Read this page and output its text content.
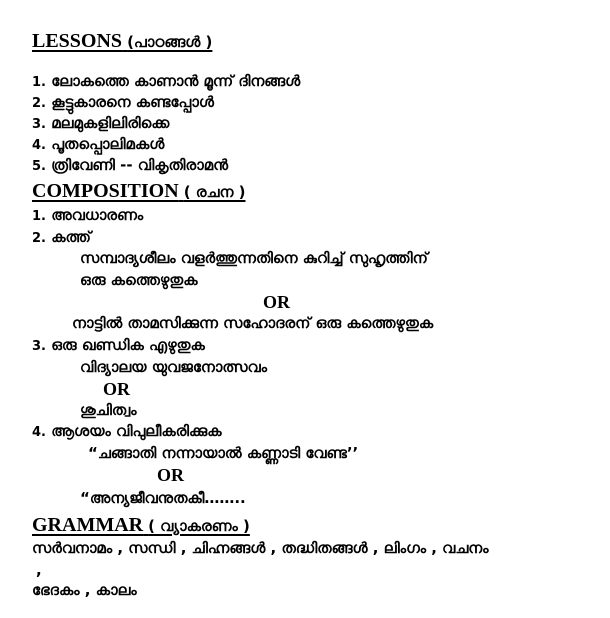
LESSONS (പാഠങ്ങൾ )
1. ലോകത്തെ കാണാൻ മൂന്ന് ദിനങ്ങൾ
2. കൂട്ടുകാരനെ കണ്ടപ്പോൾ
3. മലമുകളിലിരിക്കെ
4. പൂതപ്പൊലിമകൾ
5. ത്രിവേണി -- വികൃതിരാമൻ
COMPOSITION ( രചന )
1. അവധാരണം
2. കത്ത്
സമ്പാദ്യശീലം വളർത്തുന്നതിനെ കുറിച്ച് സുഹൃത്തിന്
ഒരു കത്തെഴുതുക
OR
നാട്ടിൽ താമസിക്കുന്ന സഹോദരന് ഒരു കത്തെഴുതുക
3. ഒരു ഖണ്ഡിക എഴുതുക
വിദ്യാലയ യുവജനോത്സവം
OR
ശുചിത്വം
4. ആശയം വിപുലീകരിക്കുക
“ചങ്ങാതി നന്നായാൽ കണ്ണാടി വേണ്ട’’
OR
“അന്യജീവനുതകീ……..
GRAMMAR ( വ്യാകരണം )
സർവനാമം , സന്ധി , ചിഹ്നങ്ങൾ , തദ്ധിതങ്ങൾ , ലിംഗം , വചനം
,
ഭേദകം , കാലം
